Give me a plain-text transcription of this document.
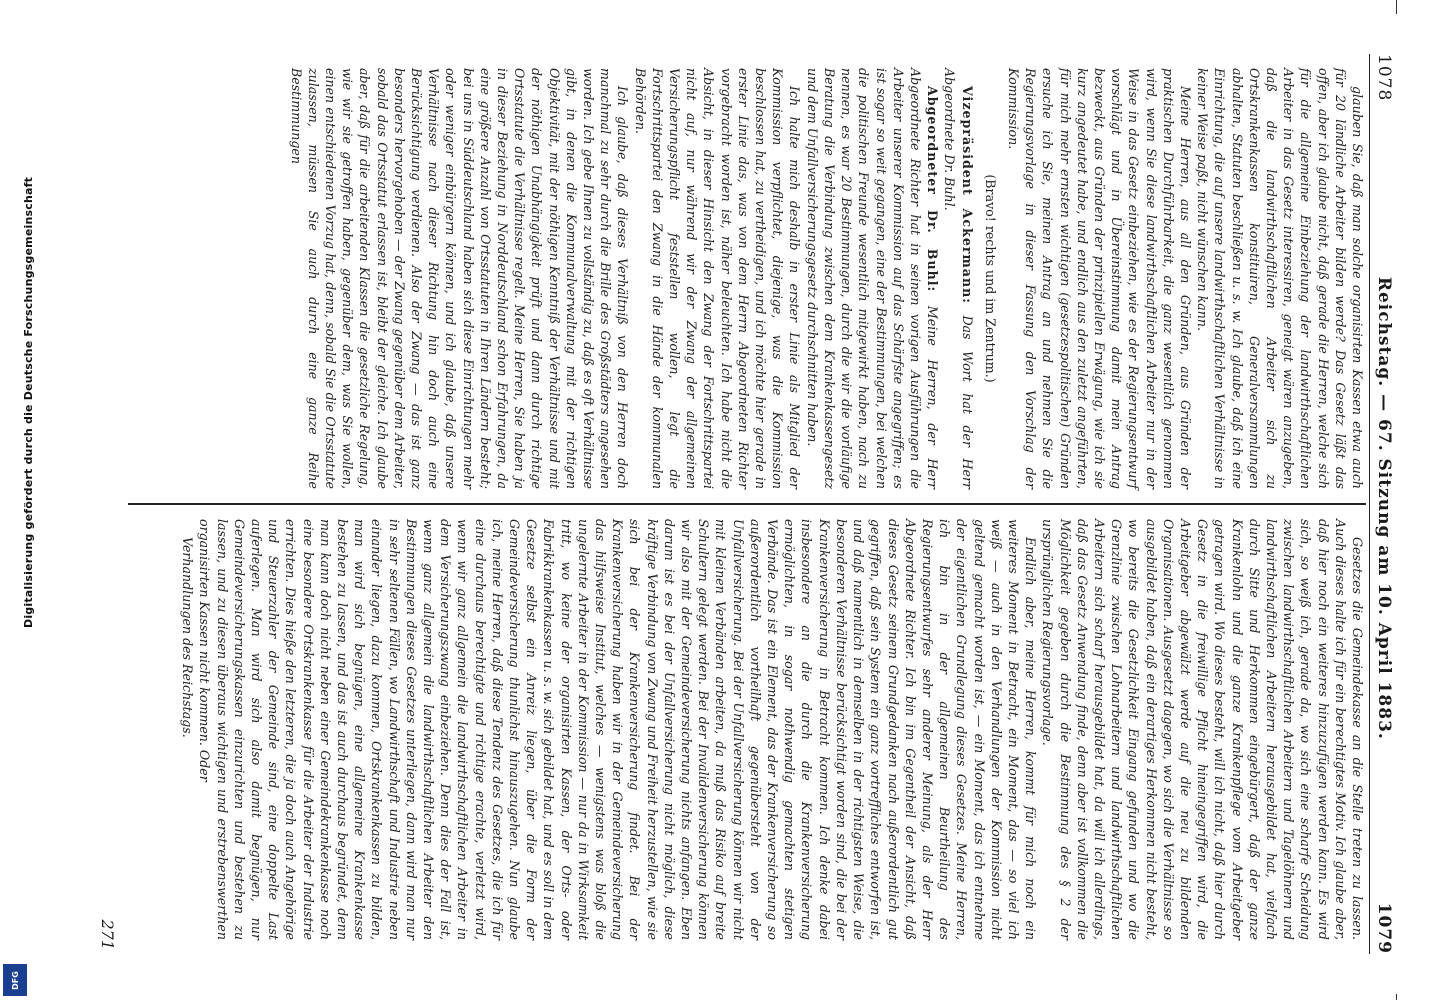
Digitalisierung gefördert durch die Deutsche Forschungsgemeinschaft
DFG
1078
Reichstag. — 67. Sitzung am 10. April 1883.
1079

glauben Sie, daß man solche organisirten Kassen etwa auch für 20 ländliche Arbeiter bilden werde? Das Gesetz läßt das offen, aber ich glaube nicht, daß gerade die Herren, welche sich für die allgemeine Einbeziehung der landwirthschaftlichen Arbeiter in das Gesetz interessiren, geneigt wären anzugeben, daß die landwirthschaftlichen Arbeiter sich zu Ortskrankenkassen konstituiren, Generalversammlungen abhalten, Statuten beschließen u. s. w. Ich glaube, daß ich eine Einrichtung, die auf unsere landwirthschaftlichen Verhältnisse in keiner Weise paßt, nicht wünschen kann.

Meine Herren, aus all den Gründen, aus Gründen der praktischen Durchführbarkeit, die ganz wesentlich genommen wird, wenn Sie diese landwirthschaftlichen Arbeiter nur in der Weise in das Gesetz einbeziehen, wie es der Regierungsentwurf vorschlägt und in Übereinstimmung damit mein Antrag bezweckt, aus Gründen der prinzipiellen Erwägung, wie ich sie kurz angedeutet habe, und endlich aus den zuletzt angeführten, für mich mehr ernsten wichtigen (gesetzespolitischen) Gründen ersuche ich Sie, meinen Antrag an und nehmen Sie die Regierungsvorlage in dieser Fassung den Vorschlag der Kommission.

(Bravo! rechts und im Zentrum.)

Vizepräsident Ackermann: Das Wort hat der Herr Abgeordnete Dr. Buhl.

Abgeordneter Dr. Buhl: Meine Herren, der Herr Abgeordnete Richter hat in seinen vorigen Ausführungen die Arbeiter unserer Kommission auf das Schärfste angegriffen; es ist sogar so weit gegangen, eine der Bestimmungen, bei welchen die politischen Freunde wesentlich mitgewirkt haben, nach zu nennen, es war 20 Bestimmungen, durch die wir die vorläufige Beratung die Verbindung zwischen dem Krankenkassengesetz und dem Unfallversicherungsgesetz durchschnitten haben.

Ich halte mich deshalb in erster Linie als Mitglied der Kommission verpflichtet, diejenige, was die Kommission beschlossen hat, zu vertheidigen, und ich möchte hier gerade in erster Linie das, was von dem Herrn Abgeordneten Richter vorgebracht worden ist, näher beleuchten. Ich habe nicht die Absicht, in dieser Hinsicht den Zwang der Fortschrittspartei nicht auf, nur während wir der Zwang der allgemeinen Versicherungspflicht feststellen wollen, legt die Fortschrittspartei den Zwang in die Hände der kommunalen Behörden.

Ich glaube, daß dieses Verhältniß von den Herren doch manchmal zu sehr durch die Brille des Großstädters angesehen worden. Ich gebe Ihnen zu vollständig zu, daß es oft Verhältnisse gibt, in denen die Kommunalverwaltung mit der richtigen Objektivität, mit der nöthigen Kenntniß der Verhältnisse und mit der nöthigen Unabhängigkeit prüft und dann durch richtige Ortsstatute die Verhältnisse regelt. Meine Herren, Sie haben ja in dieser Beziehung in Norddeutschland schon Erfahrungen, da eine größere Anzahl von Ortsstatuten in Ihren Ländern besteht; bei uns in Süddeutschland haben sich diese Einrichtungen mehr oder weniger einbürgern können, und ich glaube, daß unsere Verhältnisse nach dieser Richtung hin doch auch eine Berücksichtigung verdienen. Also der Zwang — das ist ganz besonders hervorgehoben — der Zwang gegenüber dem Arbeiter, sobald das Ortsstatut erlassen ist, bleibt der gleiche. Ich glaube aber, daß für die arbeitenden Klassen die gesetzliche Regelung, wie wir sie getroffen haben, gegenüber dem, was Sie wollen, einen entschiedenen Vorzug hat, denn, sobald Sie die Ortsstatute zulassen, müssen Sie auch durch eine ganze Reihe Bestimmungen

Gesetzes die Gemeindekasse an die Stelle treten zu lassen. Auch dieses halte ich für ein berechtigtes Motiv. Ich glaube aber, daß hier noch ein weiteres hinzuzufügen werden kann. Es wird sich, so weiß ich, gerade da, wo sich eine scharfe Scheidung zwischen landwirthschaftlichen Arbeitern und Tagelöhnern und landwirthschaftlichen Arbeitern herausgebildet hat, vielfach durch Sitte und Herkommen eingebürgert, daß der ganze Krankenlohn und die ganze Krankenpflege vom Arbeitgeber getragen wird. Wo dieses besteht, will ich nicht, daß hier durch Gesetz in die freiwillige Pflicht hineingegriffen wird, die Arbeitgeber abgewälzt werde auf die neu zu bildenden Organisationen. Ausgesetzt dagegen, wo sich die Verhältnisse so ausgebildet haben, daß ein derartiges Herkommen nicht besteht, wo bereits die Gesetzlichkeit Eingang gefunden und wo die Grenzlinie zwischen Lohnarbeitern und landwirthschaftlichen Arbeitern sich scharf herausgebildet hat, da will ich allerdings, daß das Gesetz Anwendung finde, denn aber ist vollkommen die Möglichkeit gegeben durch die Bestimmung des § 2 der ursprünglichen Regierungsvorlage.

Endlich aber, meine Herren, kommt für mich noch ein weiteres Moment in Betracht, ein Moment, das — so viel ich weiß — auch in den Verhandlungen der Kommission nicht geltend gemacht worden ist, — ein Moment, das ich entnehme der eigentlichen Grundlegung dieses Gesetzes. Meine Herren, ich bin in der allgemeinen Beurtheilung des Regierungsentwurfes sehr anderer Meinung, als der Herr Abgeordnete Richter. Ich bin im Gegentheil der Ansicht, daß dieses Gesetz seinem Grundgedanken nach außerordentlich gut gegriffen, daß sein System ein ganz vortreffliches entworfen ist, und daß namentlich in demselben in der richtigsten Weise, die besonderen Verhältnisse berücksichtigt worden sind, die bei der Krankenversicherung in Betracht kommen. Ich denke dabei insbesondere an die durch die Krankenversicherung ermöglichten, in sogar nothwendig gemachten stetigen Verbände. Das ist ein Element, das der Krankenversicherung so außerordentlich vortheilhaft gegenübersteht von der Unfallversicherung. Bei der Unfallversicherung können wir nicht mit kleinen Verbänden arbeiten, da muß das Risiko auf breite Schultern gelegt werden. Bei der Invalidenversicherung können wir also mit der Gemeindeversicherung nichts anfangen. Eben darum ist es bei der Unfallversicherung nicht möglich, diese kräftige Verbindung von Zwang und Freiheit herzustellen, wie sie sich bei der Krankenversicherung findet. Bei der Krankenversicherung haben wir in der Gemeindeversicherung das hilfsweise Institut, welches — wenigstens was bloß die ungelernte Arbeiter in der Kommission — nur da in Wirksamkeit tritt, wo keine der organisirten Kassen, der Orts- oder Fabrikkrankenkassen u. s. w. sich gebildet hat, und es soll in dem Gesetze selbst ein Anreiz liegen, über die Form der Gemeindeversicherung thunlichst hinauszugehen. Nun glaube ich, meine Herren, daß diese Tendenz des Gesetzes, die ich für eine durchaus berechtigte und richtige erachte, verletzt wird, wenn wir ganz allgemein die landwirthschaftlichen Arbeiter in dem Versicherungszwang einbeziehen. Denn dies der Fall ist, wenn ganz allgemein die landwirthschaftlichen Arbeiter den Bestimmungen dieses Gesetzes unterliegen, dann wird man nur in sehr seltenen Fällen, wo Landwirthschaft und Industrie neben einander liegen, dazu kommen, Ortskrankenkassen zu bilden, man wird sich begnügen, eine allgemeine Krankenkasse bestehen zu lassen, und das ist auch durchaus begründet, denn man kann doch nicht neben einer Gemeindekrankenkasse noch eine besondere Ortskrankenkasse für die Arbeiter der Industrie errichten. Dies hieße den letzteren, die ja doch auch Angehörige und Steuerzahler der Gemeinde sind, eine doppelte Last auferlegen. Man wird sich also damit begnügen, nur Gemeindeversicherungskassen einzurichten und bestehen zu lassen, und zu diesen überaus wichtigen und erstrebenswerthen organisirten Kassen nicht kommen. Oder

Verhandlungen des Reichstags.

271
